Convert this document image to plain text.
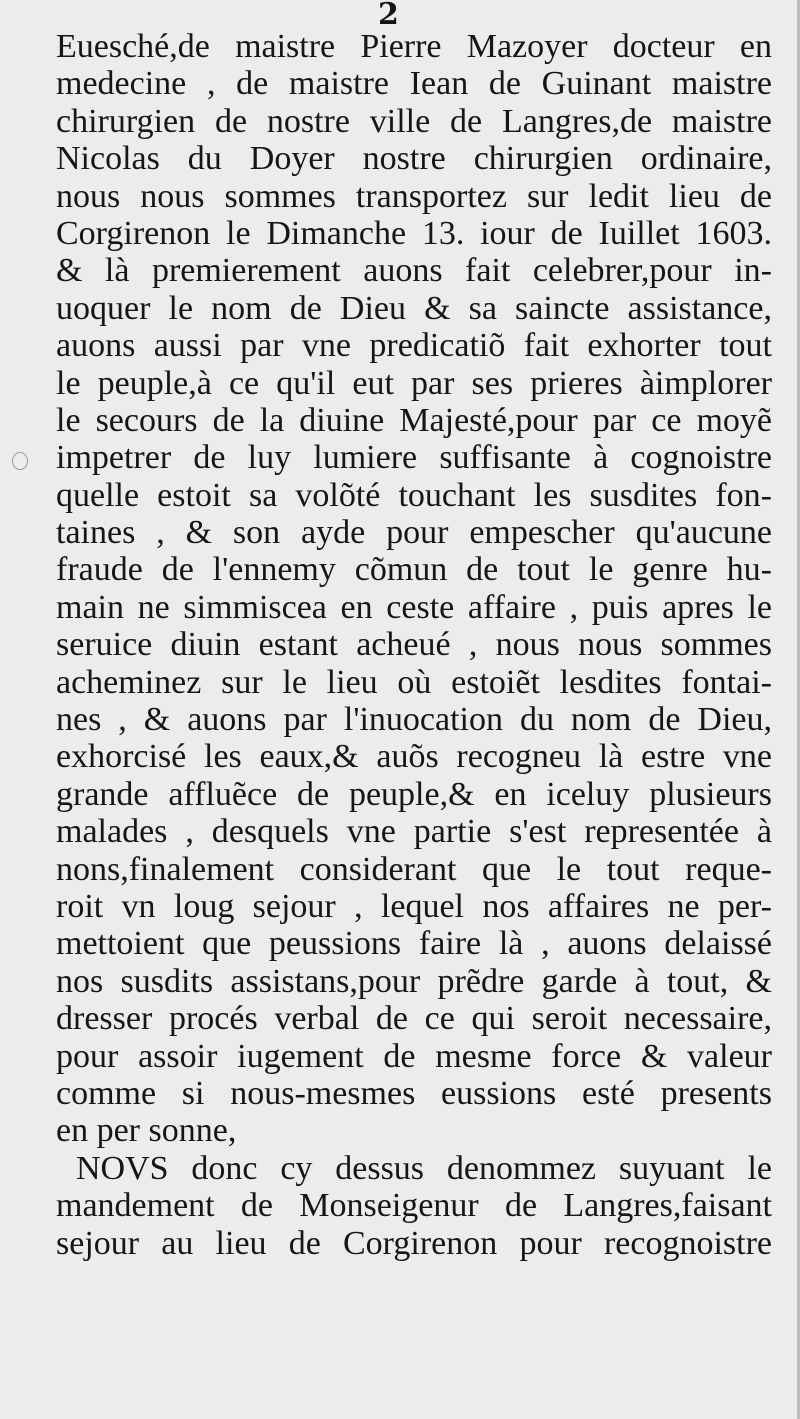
2
Euesché,de maistre Pierre Mazoyer docteur en
medecine , de maistre Iean de Guinant maistre
chirurgien de nostre ville de Langres,de maistre
Nicolas du Doyer nostre chirurgien ordinaire,
nous nous sommes transportez sur ledit lieu de
Corgirenon le Dimanche 13. iour de Iuillet 1603.
& là premierement auons fait celebrer,pour in-
uoquer le nom de Dieu & sa saincte assistance,
auons aussi par vne predicatiõ fait exhorter tout
le peuple,à ce qu'il eut par ses prieres àimplorer
le secours de la diuine Majesté,pour par ce moyẽ
impetrer de luy lumiere suffisante à cognoistre
quelle estoit sa volõté touchant les susdites fon-
taines , & son ayde pour empescher qu'aucune
fraude de l'ennemy cõmun de tout le genre hu-
main ne simmiscea en ceste affaire , puis apres le
seruice diuin estant acheué , nous nous sommes
acheminez sur le lieu où estoiẽt lesdites fontai-
nes , & auons par l'inuocation du nom de Dieu,
exhorcisé les eaux,& auõs recogneu là estre vne
grande affluẽce de peuple,& en iceluy plusieurs
malades , desquels vne partie s'est representée à
nons,finalement considerant que le tout reque-
roit vn loug sejour , lequel nos affaires ne per-
mettoient que peussions faire là , auons delaissé
nos susdits assistans,pour prẽdre garde à tout, &
dresser procés verbal de ce qui seroit necessaire,
pour assoir iugement de mesme force & valeur
comme si nous-mesmes eussions esté presents
en per sonne,
NOVS donc cy dessus denommez suyuant le
mandement de Monseigenur de Langres,faisant
sejour au lieu de Corgirenon pour recognoistre
